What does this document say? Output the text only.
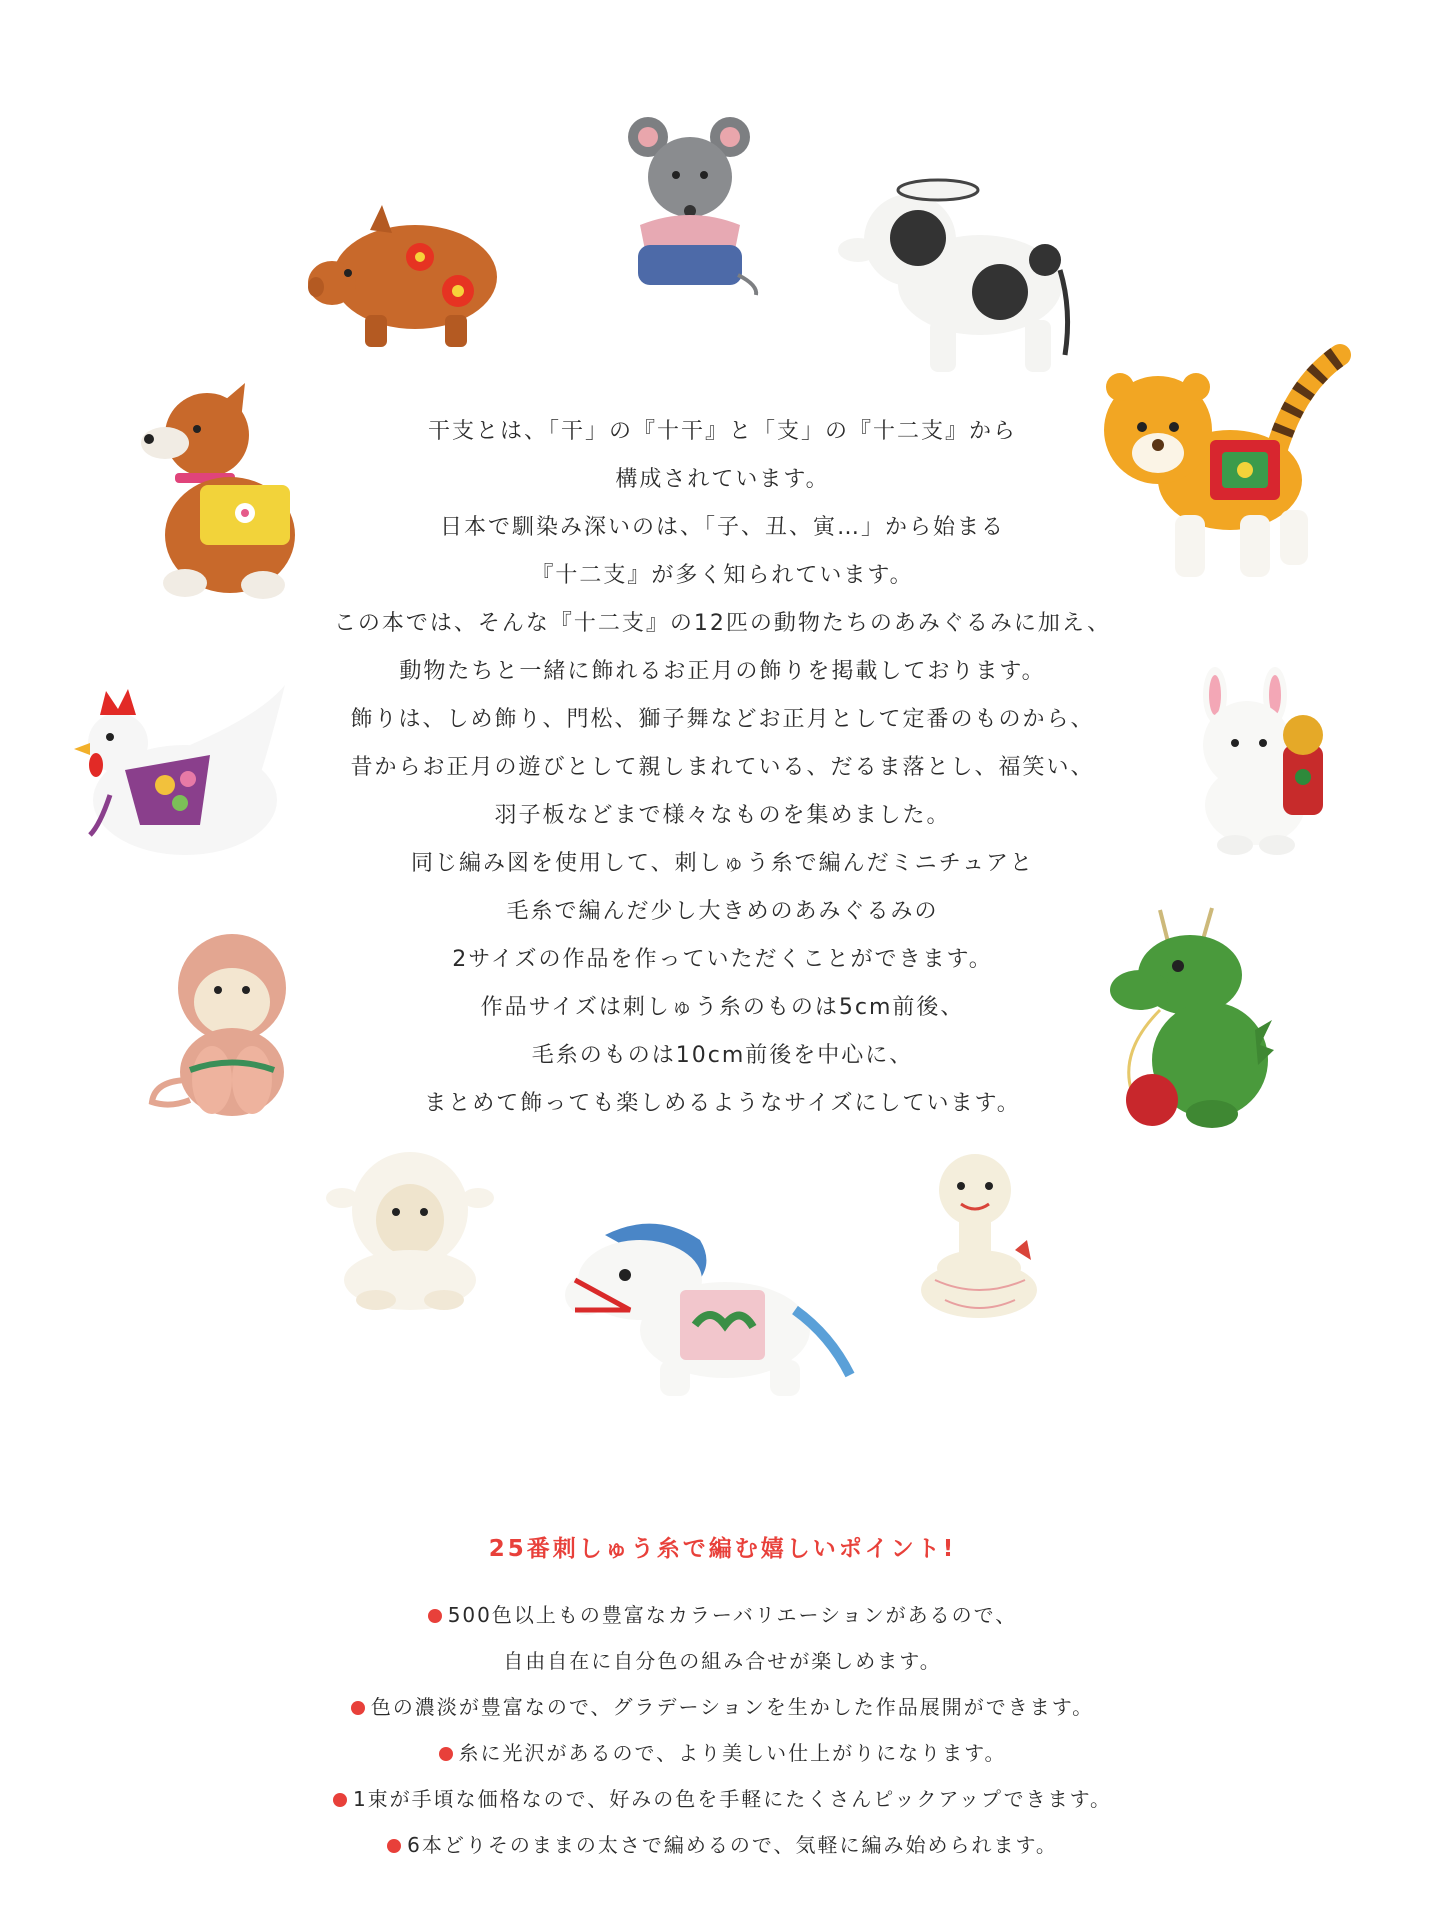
干支とは、「干」の『十干』と「支」の『十二支』から

構成されています。

日本で馴染み深いのは、「子、丑、寅…」から始まる

『十二支』が多く知られています。

この本では、そんな『十二支』の12匹の動物たちのあみぐるみに加え、

動物たちと一緒に飾れるお正月の飾りを掲載しております。

飾りは、しめ飾り、門松、獅子舞などお正月として定番のものから、

昔からお正月の遊びとして親しまれている、だるま落とし、福笑い、

羽子板などまで様々なものを集めました。

同じ編み図を使用して、刺しゅう糸で編んだミニチュアと

毛糸で編んだ少し大きめのあみぐるみの

2サイズの作品を作っていただくことができます。

作品サイズは刺しゅう糸のものは5cm前後、

毛糸のものは10cm前後を中心に、

まとめて飾っても楽しめるようなサイズにしています。

25番刺しゅう糸で編む嬉しいポイント!

500色以上もの豊富なカラーバリエーションがあるので、

自由自在に自分色の組み合せが楽しめます。

色の濃淡が豊富なので、グラデーションを生かした作品展開ができます。

糸に光沢があるので、より美しい仕上がりになります。

1束が手頃な価格なので、好みの色を手軽にたくさんピックアップできます。

6本どりそのままの太さで編めるので、気軽に編み始められます。
